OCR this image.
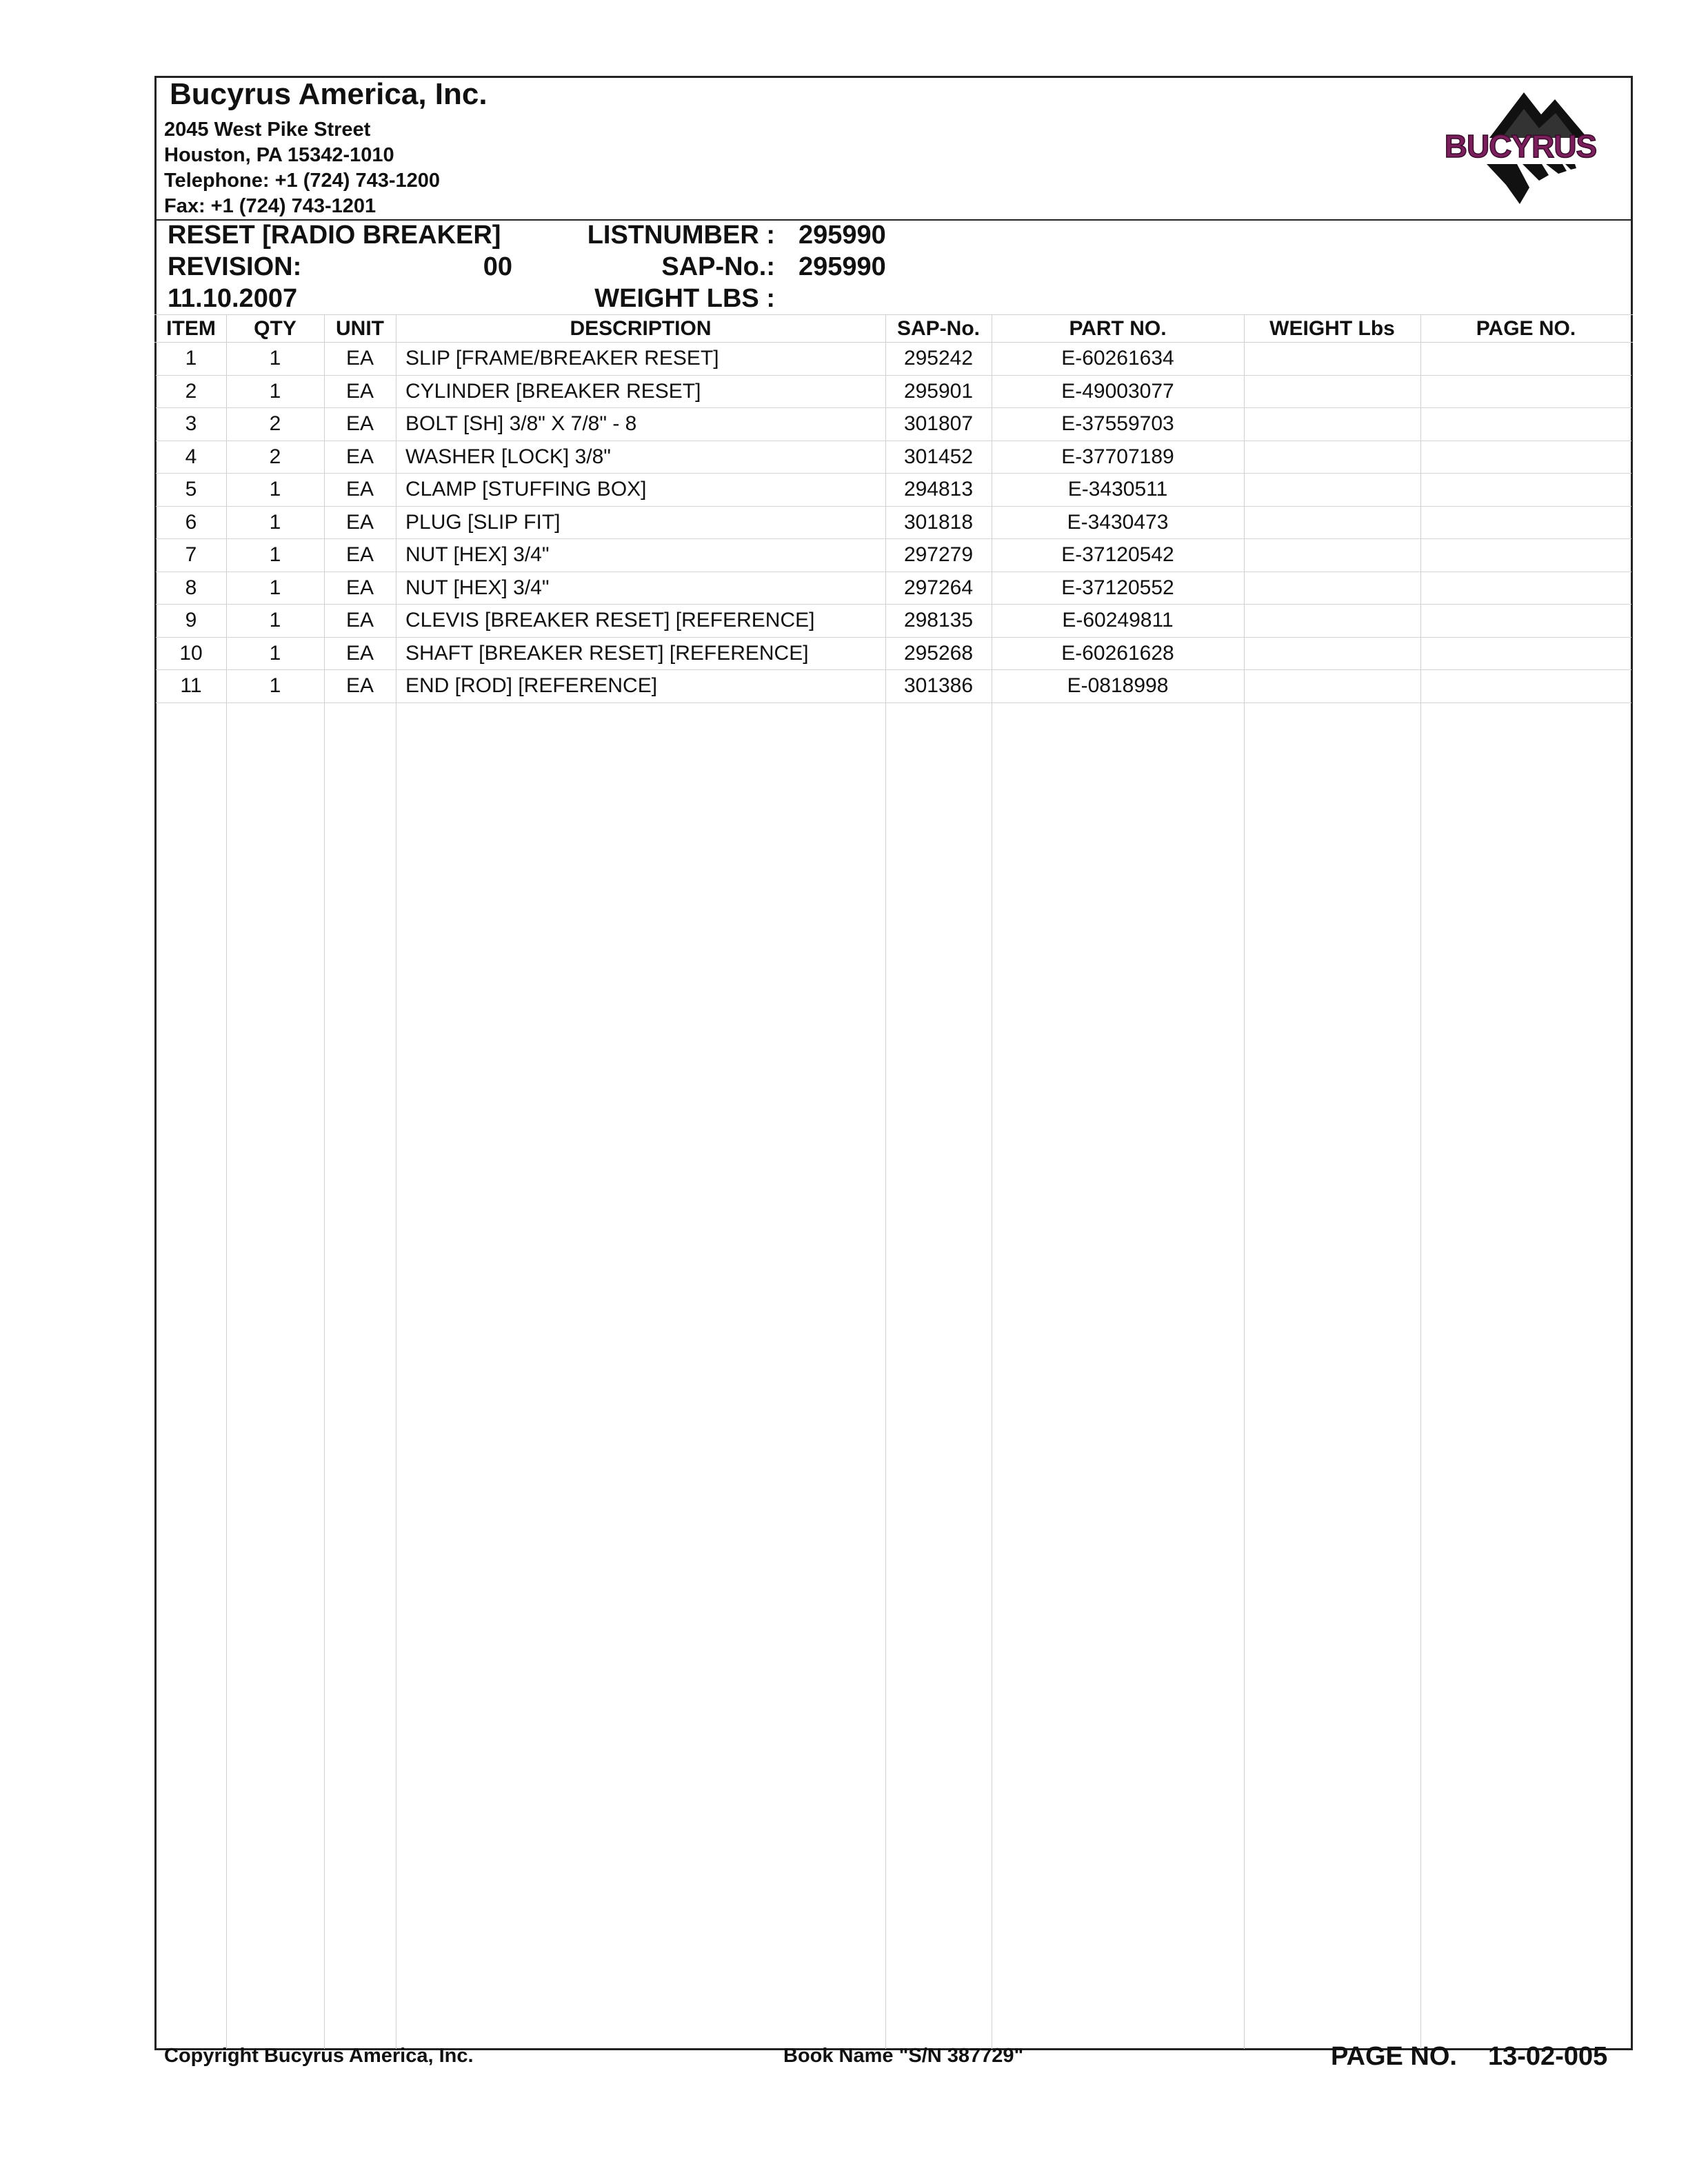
Bucyrus America, Inc.
2045 West Pike Street
Houston, PA 15342-1010
Telephone: +1 (724) 743-1200
Fax: +1 (724) 743-1201
BUCYRUS
RESET [RADIO BREAKER]
REVISION:	00
11.10.2007
LISTNUMBER : 295990
SAP-No.: 295990
WEIGHT LBS :
ITEM	QTY	UNIT	DESCRIPTION	SAP-No.	PART NO.	WEIGHT Lbs	PAGE NO.
1	1	EA	SLIP [FRAME/BREAKER RESET]	295242	E-60261634
2	1	EA	CYLINDER [BREAKER RESET]	295901	E-49003077
3	2	EA	BOLT [SH] 3/8" X 7/8" - 8	301807	E-37559703
4	2	EA	WASHER [LOCK] 3/8"	301452	E-37707189
5	1	EA	CLAMP [STUFFING BOX]	294813	E-3430511
6	1	EA	PLUG [SLIP FIT]	301818	E-3430473
7	1	EA	NUT [HEX] 3/4"	297279	E-37120542
8	1	EA	NUT [HEX] 3/4"	297264	E-37120552
9	1	EA	CLEVIS [BREAKER RESET] [REFERENCE]	298135	E-60249811
10	1	EA	SHAFT [BREAKER RESET] [REFERENCE]	295268	E-60261628
11	1	EA	END [ROD] [REFERENCE]	301386	E-0818998
Copyright Bucyrus America, Inc.	Book Name "S/N 387729"	PAGE NO. 13-02-005
